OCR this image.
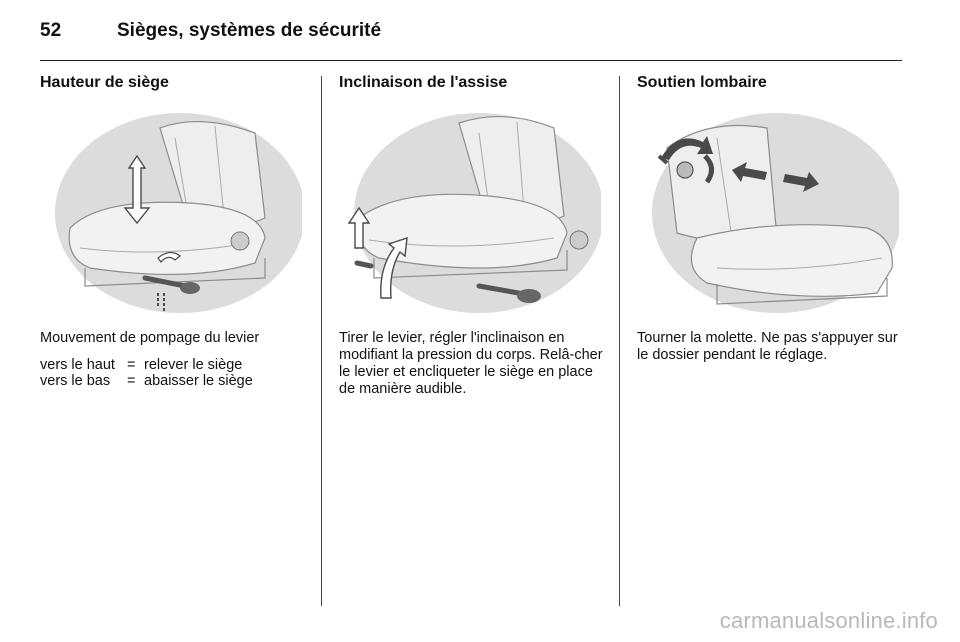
52	Sièges, systèmes de sécurité
Hauteur de siège

Mouvement de pompage du levier

vers le haut	=	relever le siège
vers le bas	=	abaisser le siège
Inclinaison de l'assise

Tirer le levier, régler l'inclinaison en modifiant la pression du corps. Relâ-cher le levier et encliqueter le siège en place de manière audible.

Soutien lombaire

Tourner la molette. Ne pas s'appuyer sur le dossier pendant le réglage.

carmanualsonline.info
